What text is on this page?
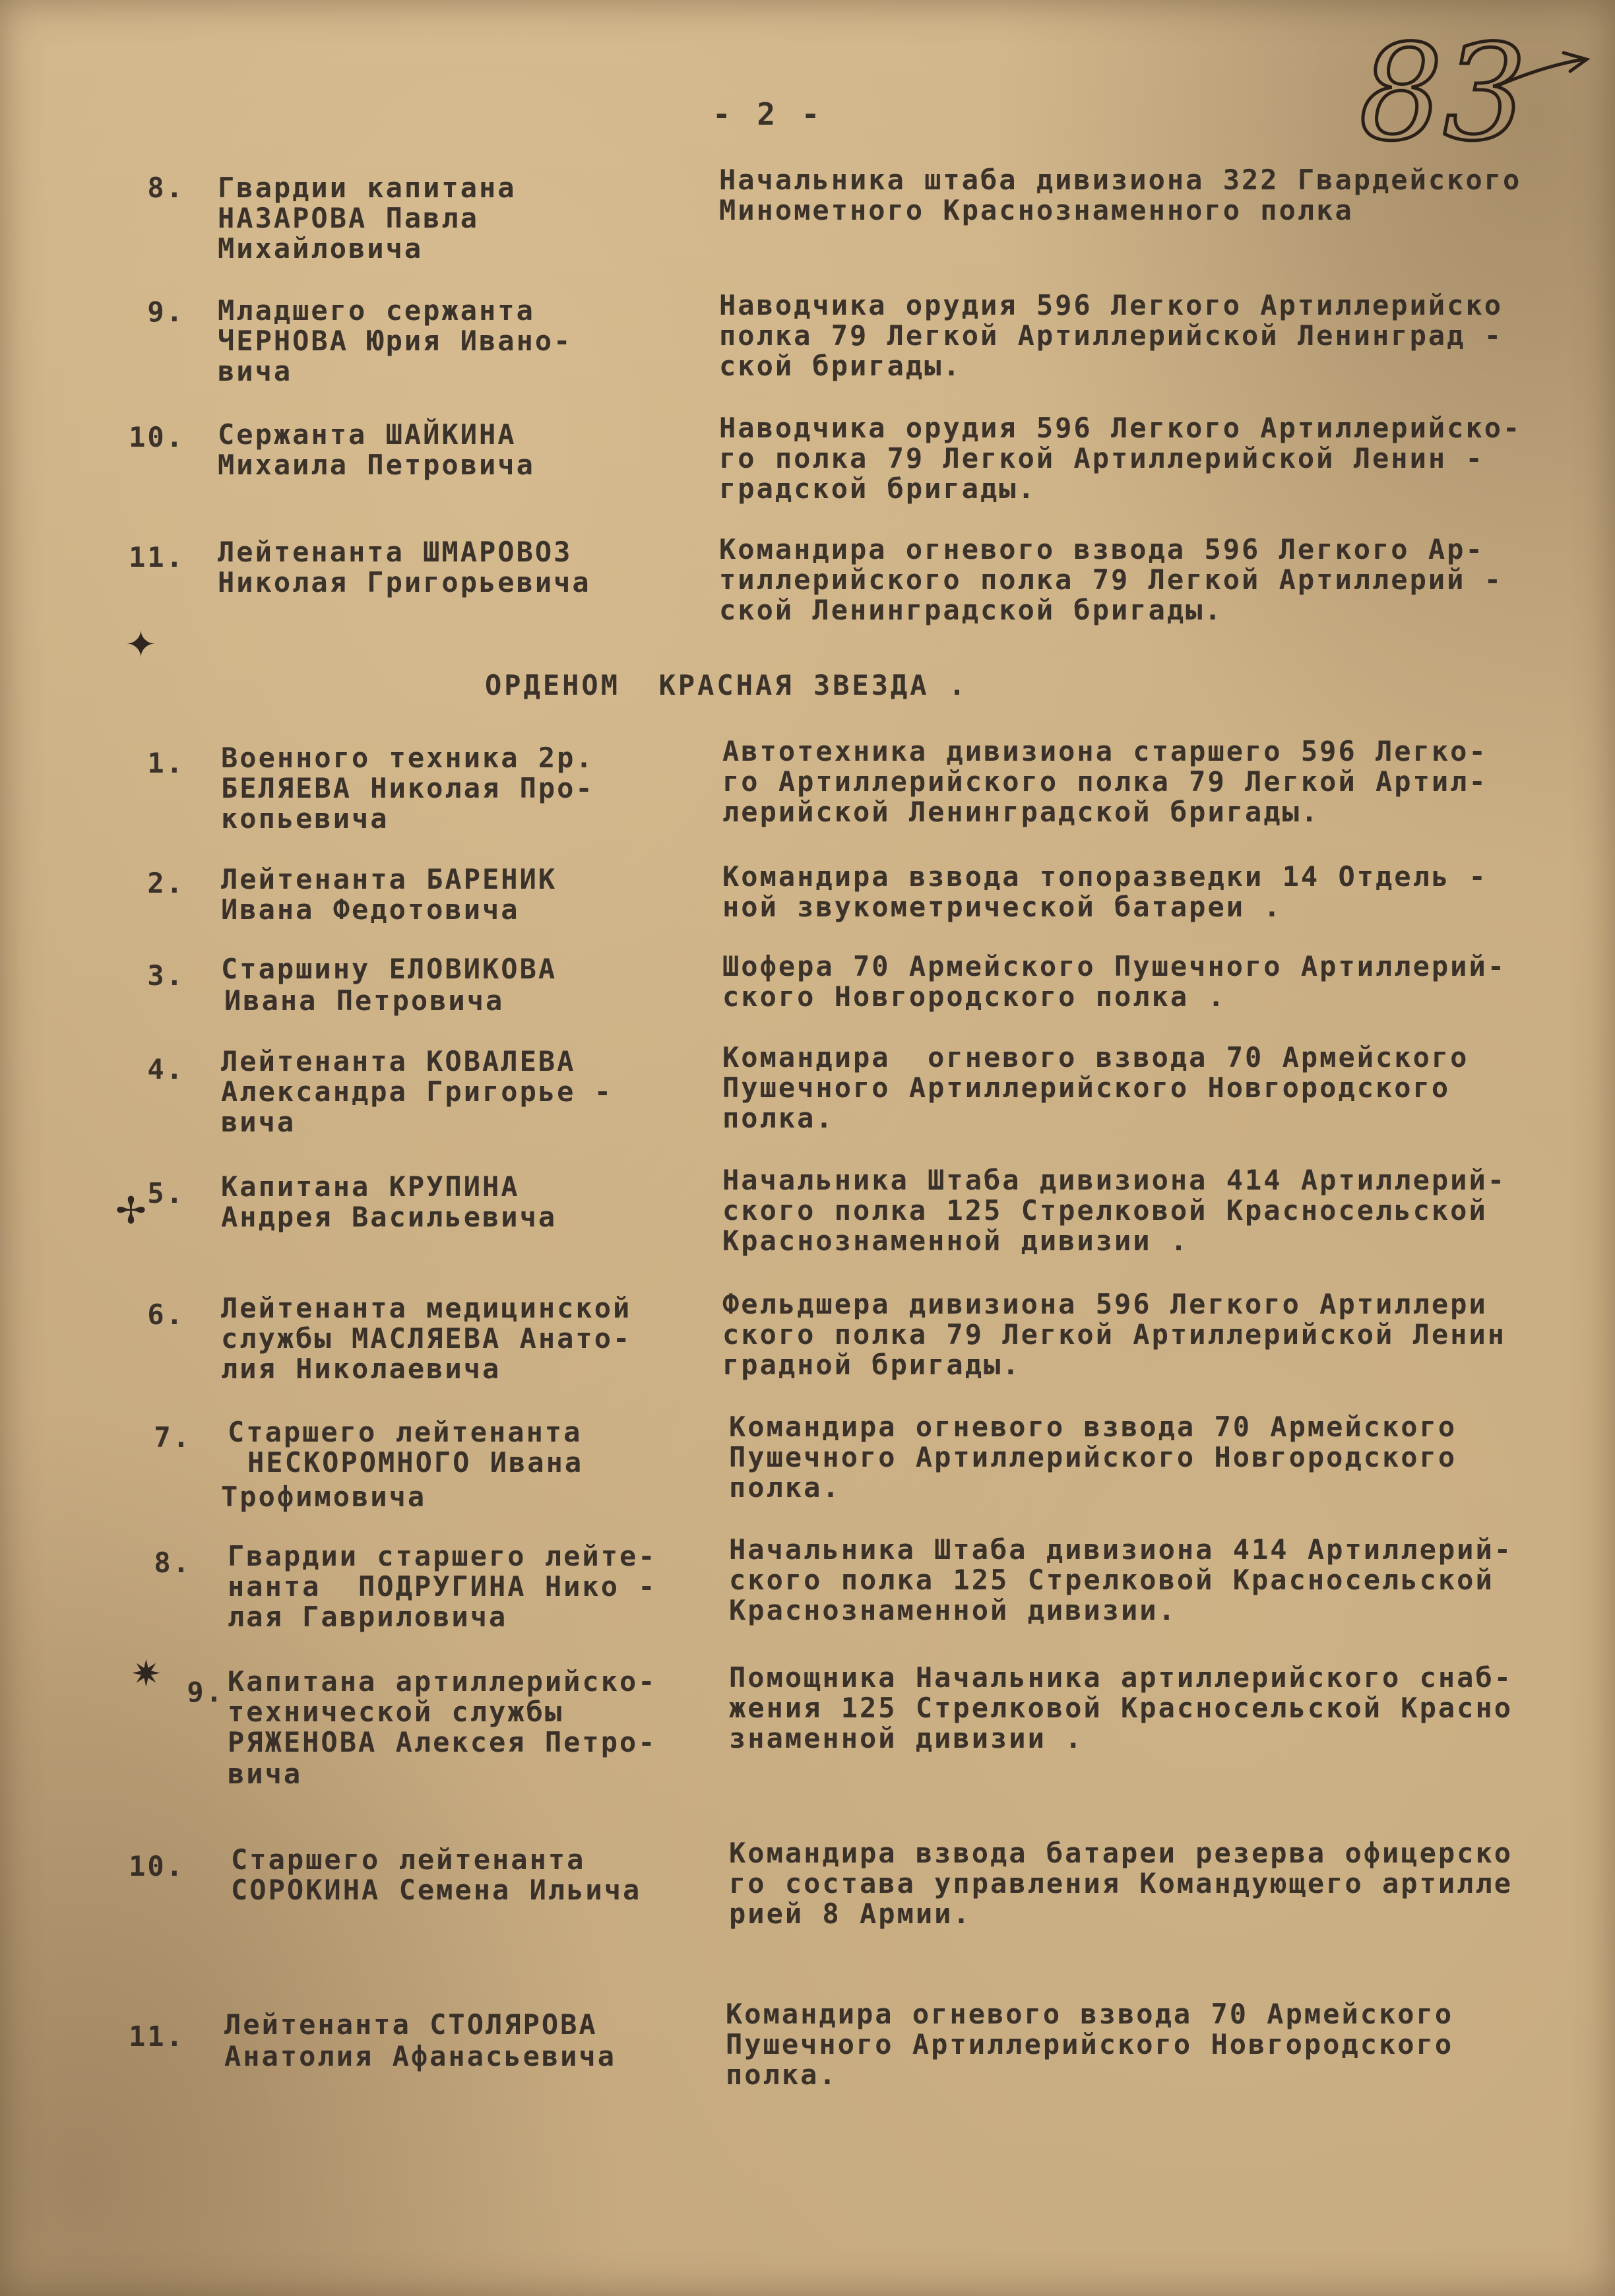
83
- 2 -
8. Гвардии капитана
НАЗАРОВА Павла
Михайловича
Начальника штаба дивизиона 322 Гвардейского
Минометного Краснознаменного полка
9. Младшего сержанта
ЧЕРНОВА Юрия Ивано-
вича
Наводчика орудия 596 Легкого Артиллерийско
полка 79 Легкой Артиллерийской Ленинград -
ской бригады.
10. Сержанта ШАЙКИНА
Михаила Петровича
Наводчика орудия 596 Легкого Артиллерийско-
го полка 79 Легкой Артиллерийской Ленин -
градской бригады.
11. Лейтенанта ШМАРОВОЗ
Николая Григорьевича
Командира огневого взвода 596 Легкого Ар-
тиллерийского полка 79 Легкой Артиллерий -
ской Ленинградской бригады.
ОРДЕНОМ  КРАСНАЯ ЗВЕЗДА .
1. Военного техника 2р.
БЕЛЯЕВА Николая Про-
копьевича
Автотехника дивизиона старшего 596 Легко-
го Артиллерийского полка 79 Легкой Артил-
лерийской Ленинградской бригады.
2. Лейтенанта БАРЕНИК
Ивана Федотовича
Командира взвода топоразведки 14 Отдель -
ной звукометрической батареи .
3. Старшину ЕЛОВИКОВА
Ивана Петровича
Шофера 70 Армейского Пушечного Артиллерий-
ского Новгородского полка .
4. Лейтенанта КОВАЛЕВА
Александра Григорье -
вича
Командира  огневого взвода 70 Армейского
Пушечного Артиллерийского Новгородского
полка.
5. Капитана КРУПИНА
Андрея Васильевича
Начальника Штаба дивизиона 414 Артиллерий-
ского полка 125 Стрелковой Красносельской
Краснознаменной дивизии .
6. Лейтенанта медицинской
службы МАСЛЯЕВА Анато-
лия Николаевича
Фельдшера дивизиона 596 Легкого Артиллери
ского полка 79 Легкой Артиллерийской Ленин
градной бригады.
7. Старшего лейтенанта
НЕСКОРОМНОГО Ивана
Трофимовича
Командира огневого взвода 70 Армейского
Пушечного Артиллерийского Новгородского
полка.
8. Гвардии старшего лейте-
нанта  ПОДРУГИНА Нико -
лая Гавриловича
Начальника Штаба дивизиона 414 Артиллерий-
ского полка 125 Стрелковой Красносельской
Краснознаменной дивизии.
9. Капитана артиллерийско-
технической службы
РЯЖЕНОВА Алексея Петро-
вича
Помощника Начальника артиллерийского снаб-
жения 125 Стрелковой Красносельской Красно
знаменной дивизии .
10. Старшего лейтенанта
СОРОКИНА Семена Ильича
Командира взвода батареи резерва офицерско
го состава управления Командующего артилле
рией 8 Армии.
11. Лейтенанта СТОЛЯРОВА
Анатолия Афанасьевича
Командира огневого взвода 70 Армейского
Пушечного Артиллерийского Новгородского
полка.
✦
✢
✷
